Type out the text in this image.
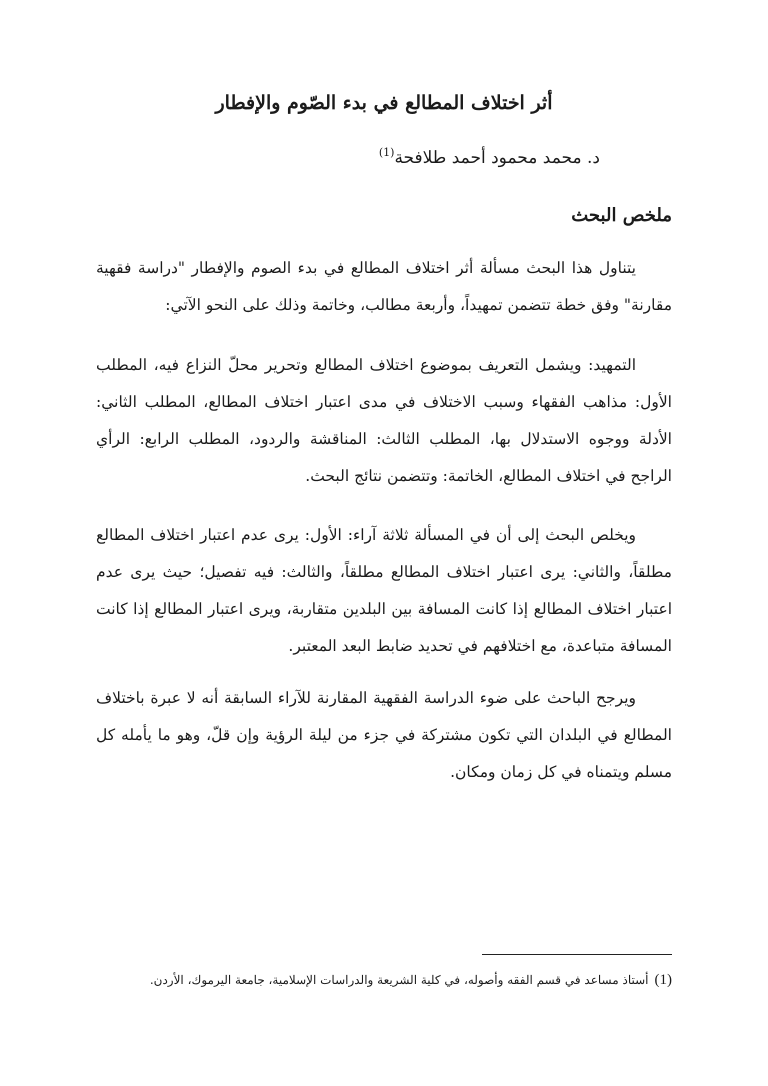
أثر اختلاف المطالع في بدء الصّوم والإفطار

د. محمد محمود أحمد طلافحة$^{(1)}$

ملخص البحث

يتناول هذا البحث مسألة أثر اختلاف المطالع في بدء الصوم والإفطار "دراسة فقهية مقارنة" وفق خطة تتضمن تمهيداً، وأربعة مطالب، وخاتمة وذلك على النحو الآتي:

التمهيد: ويشمل التعريف بموضوع اختلاف المطالع وتحرير محلّ النزاع فيه، المطلب الأول: مذاهب الفقهاء وسبب الاختلاف في مدى اعتبار اختلاف المطالع، المطلب الثاني: الأدلة ووجوه الاستدلال بها، المطلب الثالث: المناقشة والردود، المطلب الرابع: الرأي الراجح في اختلاف المطالع، الخاتمة: وتتضمن نتائج البحث.

ويخلص البحث إلى أن في المسألة ثلاثة آراء: الأول: يرى عدم اعتبار اختلاف المطالع مطلقاً، والثاني: يرى اعتبار اختلاف المطالع مطلقاً، والثالث: فيه تفصيل؛ حيث يرى عدم اعتبار اختلاف المطالع إذا كانت المسافة بين البلدين متقاربة، ويرى اعتبار المطالع إذا كانت المسافة متباعدة، مع اختلافهم في تحديد ضابط البعد المعتبر.

ويرجح الباحث على ضوء الدراسة الفقهية المقارنة للآراء السابقة أنه لا عبرة باختلاف المطالع في البلدان التي تكون مشتركة في جزء من ليلة الرؤية وإن قلّ، وهو ما يأمله كل مسلم ويتمناه في كل زمان ومكان.

(1)أستاذ مساعد في قسم الفقه وأصوله، في كلية الشريعة والدراسات الإسلامية، جامعة اليرموك، الأردن.
